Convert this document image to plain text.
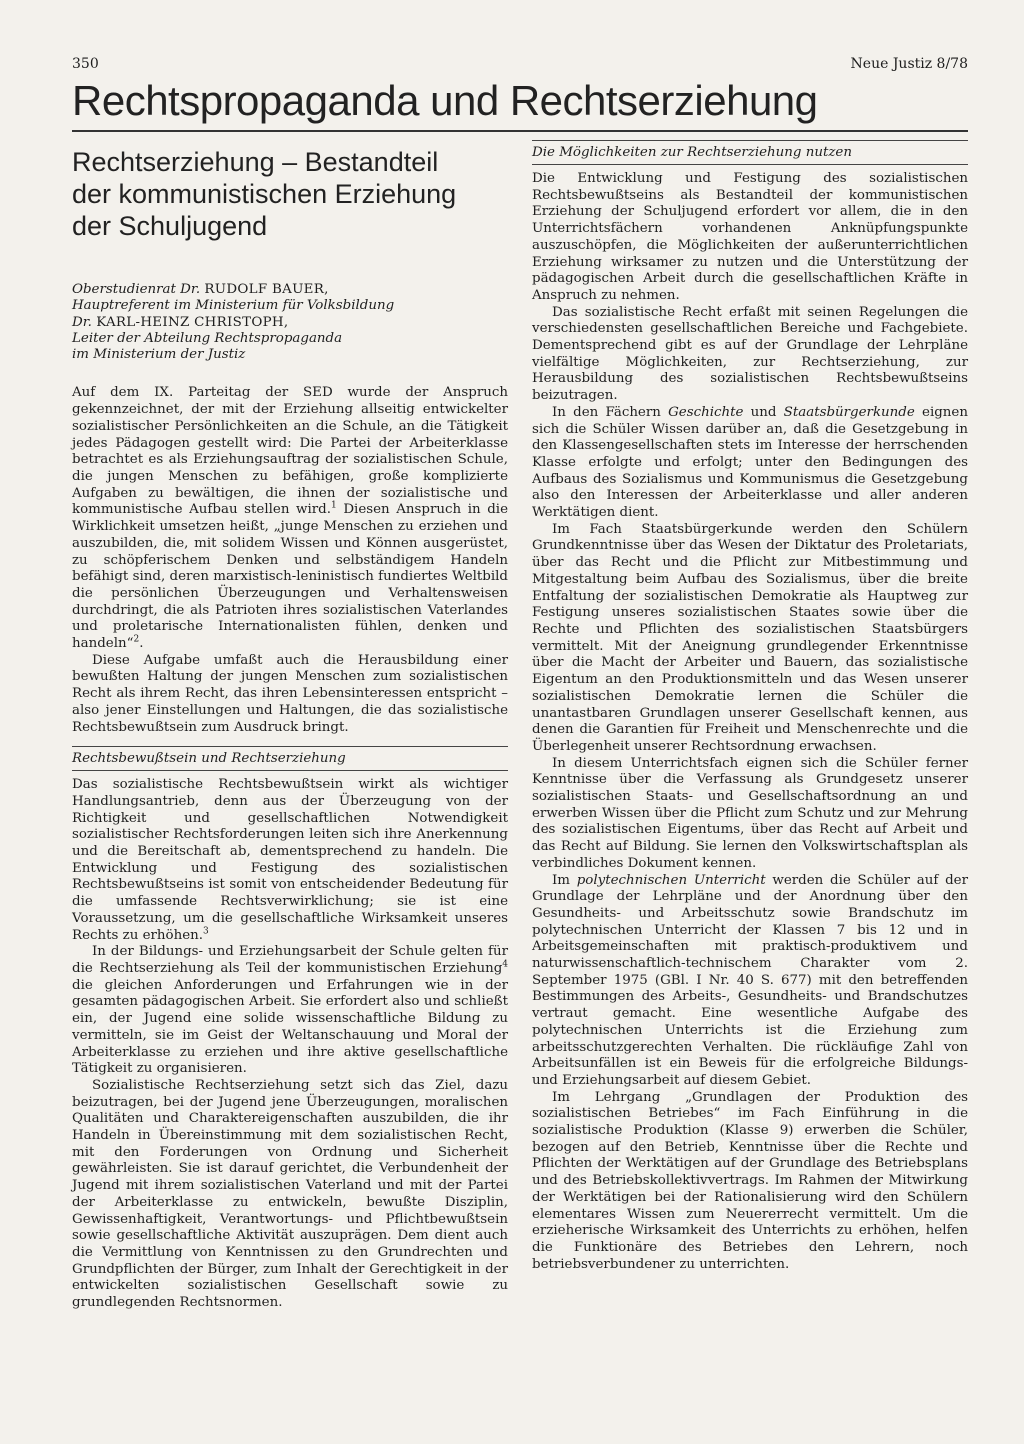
350	Neue Justiz 8/78
Rechtspropaganda und Rechtserziehung
Rechtserziehung – Bestandteil
der kommunistischen Erziehung
der Schuljugend
Oberstudienrat Dr. RUDOLF BAUER,
Hauptreferent im Ministerium für Volksbildung
Dr. KARL-HEINZ CHRISTOPH,
Leiter der Abteilung Rechtspropaganda
im Ministerium der Justiz

Auf dem IX. Parteitag der SED wurde der Anspruch gekennzeichnet, der mit der Erziehung allseitig entwickelter sozialistischer Persönlichkeiten an die Schule, an die Tätigkeit jedes Pädagogen gestellt wird: Die Partei der Arbeiterklasse betrachtet es als Erziehungsauftrag der sozialistischen Schule, die jungen Menschen zu befähigen, große komplizierte Aufgaben zu bewältigen, die ihnen der sozialistische und kommunistische Aufbau stellen wird.$^1$ Diesen Anspruch in die Wirklichkeit umsetzen heißt, „junge Menschen zu erziehen und auszubilden, die, mit solidem Wissen und Können ausgerüstet, zu schöpferischem Denken und selbständigem Handeln befähigt sind, deren marxistisch-leninistisch fundiertes Weltbild die persönlichen Überzeugungen und Verhaltensweisen durchdringt, die als Patrioten ihres sozialistischen Vaterlandes und proletarische Internationalisten fühlen, denken und handeln“$^2$.

Diese Aufgabe umfaßt auch die Herausbildung einer bewußten Haltung der jungen Menschen zum sozialistischen Recht als ihrem Recht, das ihren Lebensinteressen entspricht – also jener Einstellungen und Haltungen, die das sozialistische Rechtsbewußtsein zum Ausdruck bringt.

Rechtsbewußtsein und Rechtserziehung

Das sozialistische Rechtsbewußtsein wirkt als wichtiger Handlungsantrieb, denn aus der Überzeugung von der Richtigkeit und gesellschaftlichen Notwendigkeit sozialistischer Rechtsforderungen leiten sich ihre Anerkennung und die Bereitschaft ab, dementsprechend zu handeln. Die Entwicklung und Festigung des sozialistischen Rechtsbewußtseins ist somit von entscheidender Bedeutung für die umfassende Rechtsverwirklichung; sie ist eine Voraussetzung, um die gesellschaftliche Wirksamkeit unseres Rechts zu erhöhen.$^3$

In der Bildungs- und Erziehungsarbeit der Schule gelten für die Rechtserziehung als Teil der kommunistischen Erziehung$^4$ die gleichen Anforderungen und Erfahrungen wie in der gesamten pädagogischen Arbeit. Sie erfordert also und schließt ein, der Jugend eine solide wissenschaftliche Bildung zu vermitteln, sie im Geist der Weltanschauung und Moral der Arbeiterklasse zu erziehen und ihre aktive gesellschaftliche Tätigkeit zu organisieren.

Sozialistische Rechtserziehung setzt sich das Ziel, dazu beizutragen, bei der Jugend jene Überzeugungen, moralischen Qualitäten und Charaktereigenschaften auszubilden, die ihr Handeln in Übereinstimmung mit dem sozialistischen Recht, mit den Forderungen von Ordnung und Sicherheit gewährleisten. Sie ist darauf gerichtet, die Verbundenheit der Jugend mit ihrem sozialistischen Vaterland und mit der Partei der Arbeiterklasse zu entwickeln, bewußte Disziplin, Gewissenhaftigkeit, Verantwortungs- und Pflichtbewußtsein sowie gesellschaftliche Aktivität auszuprägen. Dem dient auch die Vermittlung von Kenntnissen zu den Grundrechten und Grundpflichten der Bürger, zum Inhalt der Gerechtigkeit in der entwickelten sozialistischen Gesellschaft sowie zu grundlegenden Rechtsnormen.

Die Möglichkeiten zur Rechtserziehung nutzen

Die Entwicklung und Festigung des sozialistischen Rechtsbewußtseins als Bestandteil der kommunistischen Erziehung der Schuljugend erfordert vor allem, die in den Unterrichtsfächern vorhandenen Anknüpfungspunkte auszuschöpfen, die Möglichkeiten der außerunterrichtlichen Erziehung wirksamer zu nutzen und die Unterstützung der pädagogischen Arbeit durch die gesellschaftlichen Kräfte in Anspruch zu nehmen.

Das sozialistische Recht erfaßt mit seinen Regelungen die verschiedensten gesellschaftlichen Bereiche und Fachgebiete. Dementsprechend gibt es auf der Grundlage der Lehrpläne vielfältige Möglichkeiten, zur Rechtserziehung, zur Herausbildung des sozialistischen Rechtsbewußtseins beizutragen.

In den Fächern Geschichte und Staatsbürgerkunde eignen sich die Schüler Wissen darüber an, daß die Gesetzgebung in den Klassengesellschaften stets im Interesse der herrschenden Klasse erfolgte und erfolgt; unter den Bedingungen des Aufbaus des Sozialismus und Kommunismus die Gesetzgebung also den Interessen der Arbeiterklasse und aller anderen Werktätigen dient.

Im Fach Staatsbürgerkunde werden den Schülern Grundkenntnisse über das Wesen der Diktatur des Proletariats, über das Recht und die Pflicht zur Mitbestimmung und Mitgestaltung beim Aufbau des Sozialismus, über die breite Entfaltung der sozialistischen Demokratie als Hauptweg zur Festigung unseres sozialistischen Staates sowie über die Rechte und Pflichten des sozialistischen Staatsbürgers vermittelt. Mit der Aneignung grundlegender Erkenntnisse über die Macht der Arbeiter und Bauern, das sozialistische Eigentum an den Produktionsmitteln und das Wesen unserer sozialistischen Demokratie lernen die Schüler die unantastbaren Grundlagen unserer Gesellschaft kennen, aus denen die Garantien für Freiheit und Menschenrechte und die Überlegenheit unserer Rechtsordnung erwachsen.

In diesem Unterrichtsfach eignen sich die Schüler ferner Kenntnisse über die Verfassung als Grundgesetz unserer sozialistischen Staats- und Gesellschaftsordnung an und erwerben Wissen über die Pflicht zum Schutz und zur Mehrung des sozialistischen Eigentums, über das Recht auf Arbeit und das Recht auf Bildung. Sie lernen den Volkswirtschaftsplan als verbindliches Dokument kennen.

Im polytechnischen Unterricht werden die Schüler auf der Grundlage der Lehrpläne und der Anordnung über den Gesundheits- und Arbeitsschutz sowie Brandschutz im polytechnischen Unterricht der Klassen 7 bis 12 und in Arbeitsgemeinschaften mit praktisch-produktivem und naturwissenschaftlich-technischem Charakter vom 2. September 1975 (GBl. I Nr. 40 S. 677) mit den betreffenden Bestimmungen des Arbeits-, Gesundheits- und Brandschutzes vertraut gemacht. Eine wesentliche Aufgabe des polytechnischen Unterrichts ist die Erziehung zum arbeitsschutzgerechten Verhalten. Die rückläufige Zahl von Arbeitsunfällen ist ein Beweis für die erfolgreiche Bildungs- und Erziehungsarbeit auf diesem Gebiet.

Im Lehrgang „Grundlagen der Produktion des sozialistischen Betriebes“ im Fach Einführung in die sozialistische Produktion (Klasse 9) erwerben die Schüler, bezogen auf den Betrieb, Kenntnisse über die Rechte und Pflichten der Werktätigen auf der Grundlage des Betriebsplans und des Betriebskollektivvertrags. Im Rahmen der Mitwirkung der Werktätigen bei der Rationalisierung wird den Schülern elementares Wissen zum Neuererrecht vermittelt. Um die erzieherische Wirksamkeit des Unterrichts zu erhöhen, helfen die Funktionäre des Betriebes den Lehrern, noch betriebsverbundener zu unterrichten.
